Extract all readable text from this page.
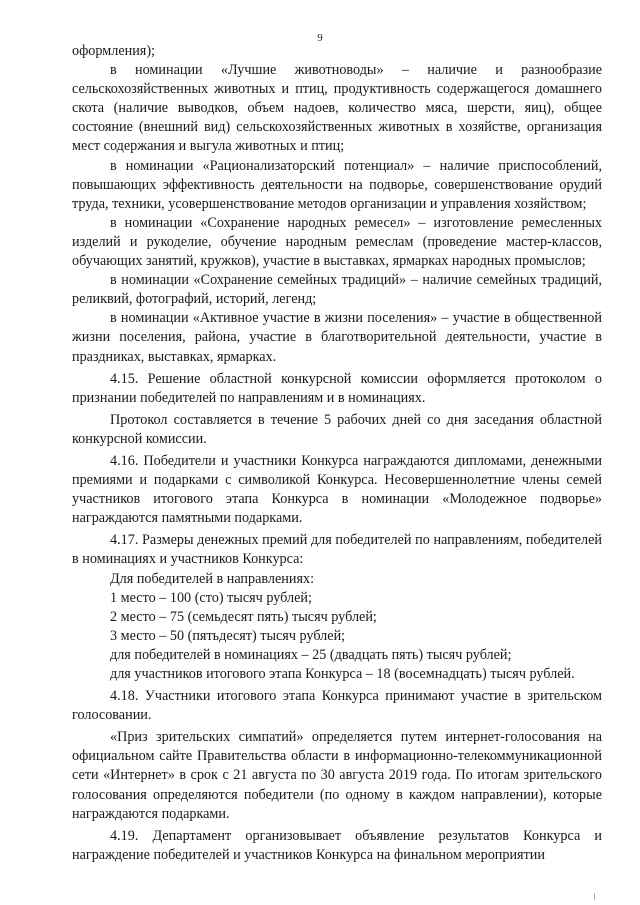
9

оформления);

в номинации «Лучшие животноводы» – наличие и разнообразие сельскохозяйственных животных и птиц, продуктивность содержащегося домашнего скота (наличие выводков, объем надоев, количество мяса, шерсти, яиц), общее состояние (внешний вид) сельскохозяйственных животных в хозяйстве, организация мест содержания и выгула животных и птиц;

в номинации «Рационализаторский потенциал» – наличие приспособлений, повышающих эффективность деятельности на подворье, совершенствование орудий труда, техники, усовершенствование методов организации и управления хозяйством;

в номинации «Сохранение народных ремесел» – изготовление ремесленных изделий и рукоделие, обучение народным ремеслам (проведение мастер-классов, обучающих занятий, кружков), участие в выставках, ярмарках народных промыслов;

в номинации «Сохранение семейных традиций» – наличие семейных традиций, реликвий, фотографий, историй, легенд;

в номинации «Активное участие в жизни поселения» – участие в общественной жизни поселения, района, участие в благотворительной деятельности, участие в праздниках, выставках, ярмарках.

4.15. Решение областной конкурсной комиссии оформляется протоколом о признании победителей по направлениям и в номинациях.

Протокол составляется в течение 5 рабочих дней со дня заседания областной конкурсной комиссии.

4.16. Победители и участники Конкурса награждаются дипломами, денежными премиями и подарками с символикой Конкурса. Несовершеннолетние члены семей участников итогового этапа Конкурса в номинации «Молодежное подворье» награждаются памятными подарками.

4.17. Размеры денежных премий для победителей по направлениям, победителей в номинациях и участников Конкурса:

Для победителей в направлениях:

1 место – 100 (сто) тысяч рублей;

2 место – 75 (семьдесят пять) тысяч рублей;

3 место – 50 (пятьдесят) тысяч рублей;

для победителей в номинациях – 25 (двадцать пять) тысяч рублей;

для участников итогового этапа Конкурса – 18 (восемнадцать) тысяч рублей.

4.18. Участники итогового этапа Конкурса принимают участие в зрительском голосовании.

«Приз зрительских симпатий» определяется путем интернет-голосования на официальном сайте Правительства области в информационно-телекоммуникационной сети «Интернет» в срок с 21 августа по 30 августа 2019 года. По итогам зрительского голосования определяются победители (по одному в каждом направлении), которые награждаются подарками.

4.19. Департамент организовывает объявление результатов Конкурса и награждение победителей и участников Конкурса на финальном мероприятии
